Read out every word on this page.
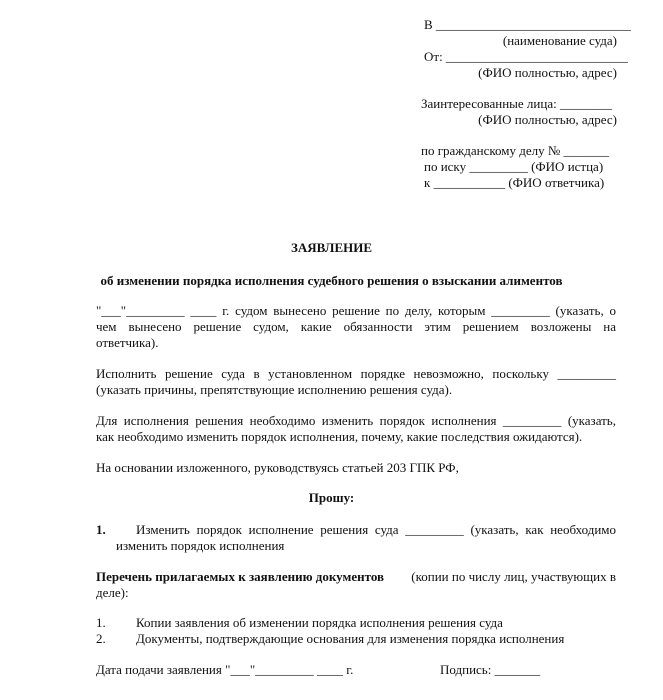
В ______________________________
(наименование суда)
От: ____________________________
(ФИО полностью, адрес)
Заинтересованные лица: ________
(ФИО полностью, адрес)
по гражданскому делу № _______
по иску _________ (ФИО истца)
к ___________ (ФИО ответчика)
ЗАЯВЛЕНИЕ
об изменении порядка исполнения судебного решения о взыскании алиментов
"___"_________ ____ г. судом вынесено решение по делу, которым _________ (указать, о
чем вынесено решение судом, какие обязанности этим решением возложены на
ответчика).
Исполнить решение суда в установленном порядке невозможно, поскольку _________
(указать причины, препятствующие исполнению решения суда).
Для исполнения решения необходимо изменить порядок исполнения _________ (указать,
как необходимо изменить порядок исполнения, почему, какие последствия ожидаются).
На основании изложенного, руководствуясь статьей 203 ГПК РФ,
Прошу:
1. Изменить порядок исполнение решения суда _________ (указать, как необходимо
изменить порядок исполнения
Перечень прилагаемых к заявлению документов (копии по числу лиц, участвующих в
деле):
1. Копии заявления об изменении порядка исполнения решения суда
2. Документы, подтверждающие основания для изменения порядка исполнения
Дата подачи заявления "___"_________ ____ г.	Подпись: _______
